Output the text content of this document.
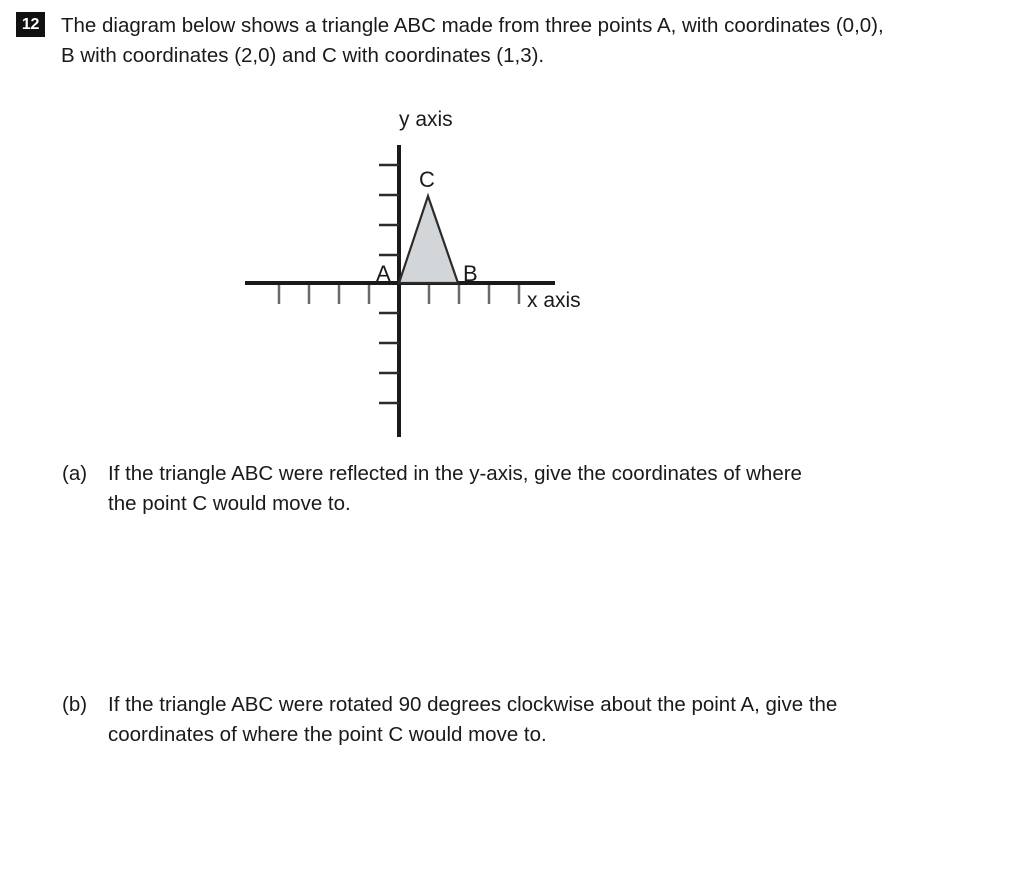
12 The diagram below shows a triangle ABC made from three points A, with coordinates (0,0), B with coordinates (2,0) and C with coordinates (1,3).
y axis
A	B
C
x axis
(a)	If the triangle ABC were reflected in the y-axis, give the coordinates of where the point C would move to.
(b)	If the triangle ABC were rotated 90 degrees clockwise about the point A, give the coordinates of where the point C would move to.
